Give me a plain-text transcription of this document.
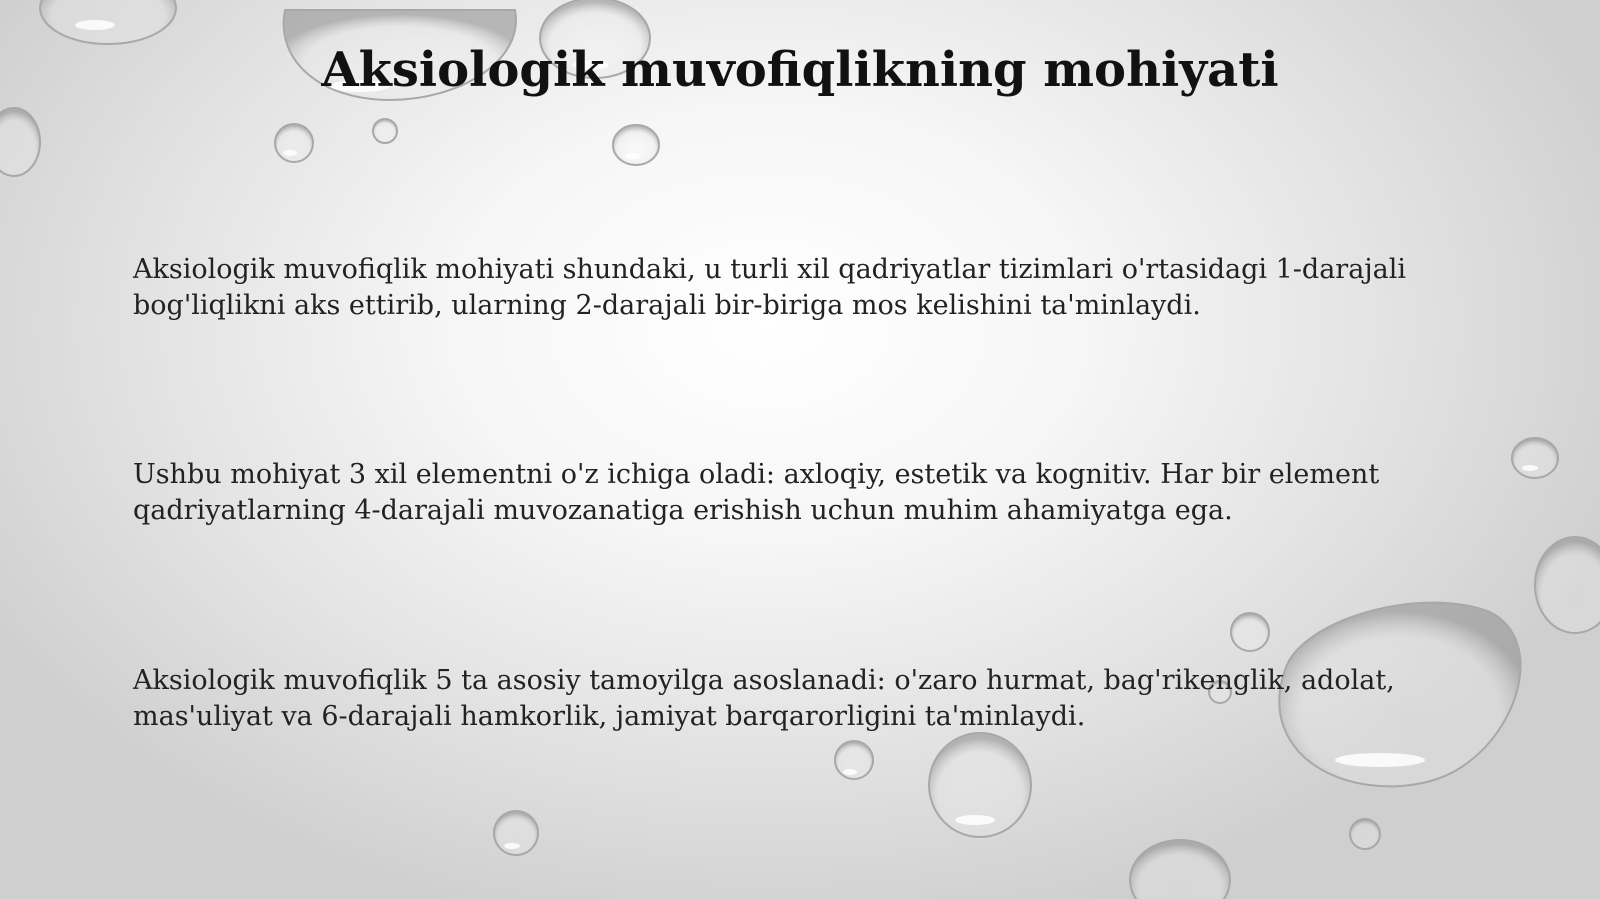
Aksiologik muvofiqlikning mohiyati

Aksiologik muvofiqlik mohiyati shundaki, u turli xil qadriyatlar tizimlari o'rtasidagi 1-darajali bog'liqlikni aks ettirib, ularning 2-darajali bir-biriga mos kelishini ta'minlaydi.

Ushbu mohiyat 3 xil elementni o'z ichiga oladi: axloqiy, estetik va kognitiv. Har bir element qadriyatlarning 4-darajali muvozanatiga erishish uchun muhim ahamiyatga ega.

Aksiologik muvofiqlik 5 ta asosiy tamoyilga asoslanadi: o'zaro hurmat, bag'rikenglik, adolat, mas'uliyat va 6-darajali hamkorlik, jamiyat barqarorligini ta'minlaydi.
